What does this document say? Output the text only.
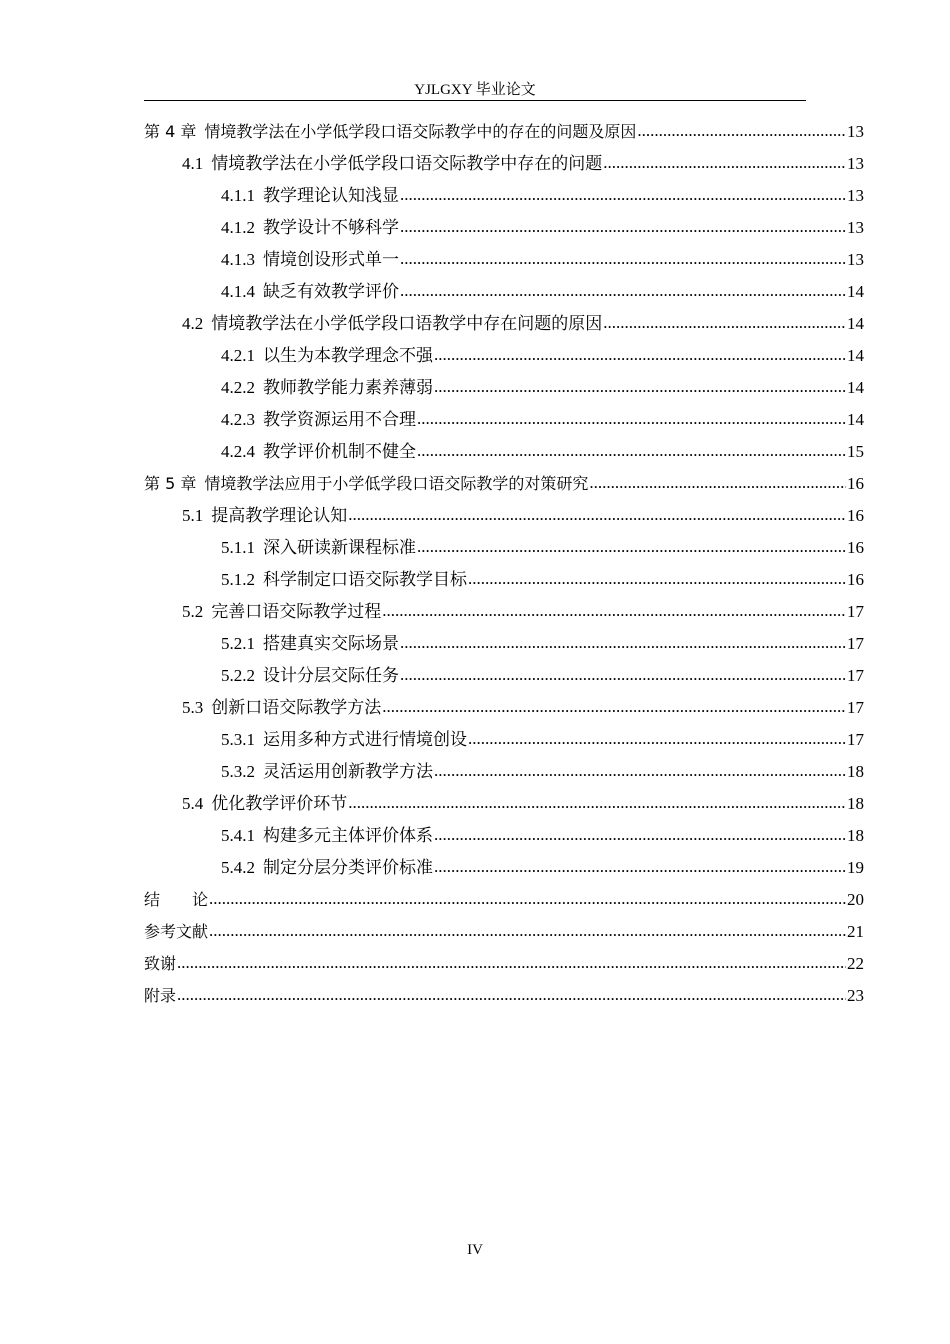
YJLGXY 毕业论文
第 4 章 情境教学法在小学低学段口语交际教学中的存在的问题及原因 .....	13
4.1 情境教学法在小学低学段口语交际教学中存在的问题 .....	13
4.1.1 教学理论认知浅显 .....	13
4.1.2 教学设计不够科学 .....	13
4.1.3 情境创设形式单一 .....	13
4.1.4 缺乏有效教学评价 .....	14
4.2 情境教学法在小学低学段口语教学中存在问题的原因 .....	14
4.2.1 以生为本教学理念不强 .....	14
4.2.2 教师教学能力素养薄弱 .....	14
4.2.3 教学资源运用不合理 .....	14
4.2.4 教学评价机制不健全 .....	15
第 5 章 情境教学法应用于小学低学段口语交际教学的对策研究 .....	16
5.1 提高教学理论认知 .....	16
5.1.1 深入研读新课程标准 .....	16
5.1.2 科学制定口语交际教学目标 .....	16
5.2 完善口语交际教学过程 .....	17
5.2.1 搭建真实交际场景 .....	17
5.2.2 设计分层交际任务 .....	17
5.3 创新口语交际教学方法 .....	17
5.3.1 运用多种方式进行情境创设 .....	17
5.3.2 灵活运用创新教学方法 .....	18
5.4 优化教学评价环节 .....	18
5.4.1 构建多元主体评价体系 .....	18
5.4.2 制定分层分类评价标准 .....	19
结　　论 .....	20
参考文献 .....	21
致谢 .....	22
附录 .....	23
IV
